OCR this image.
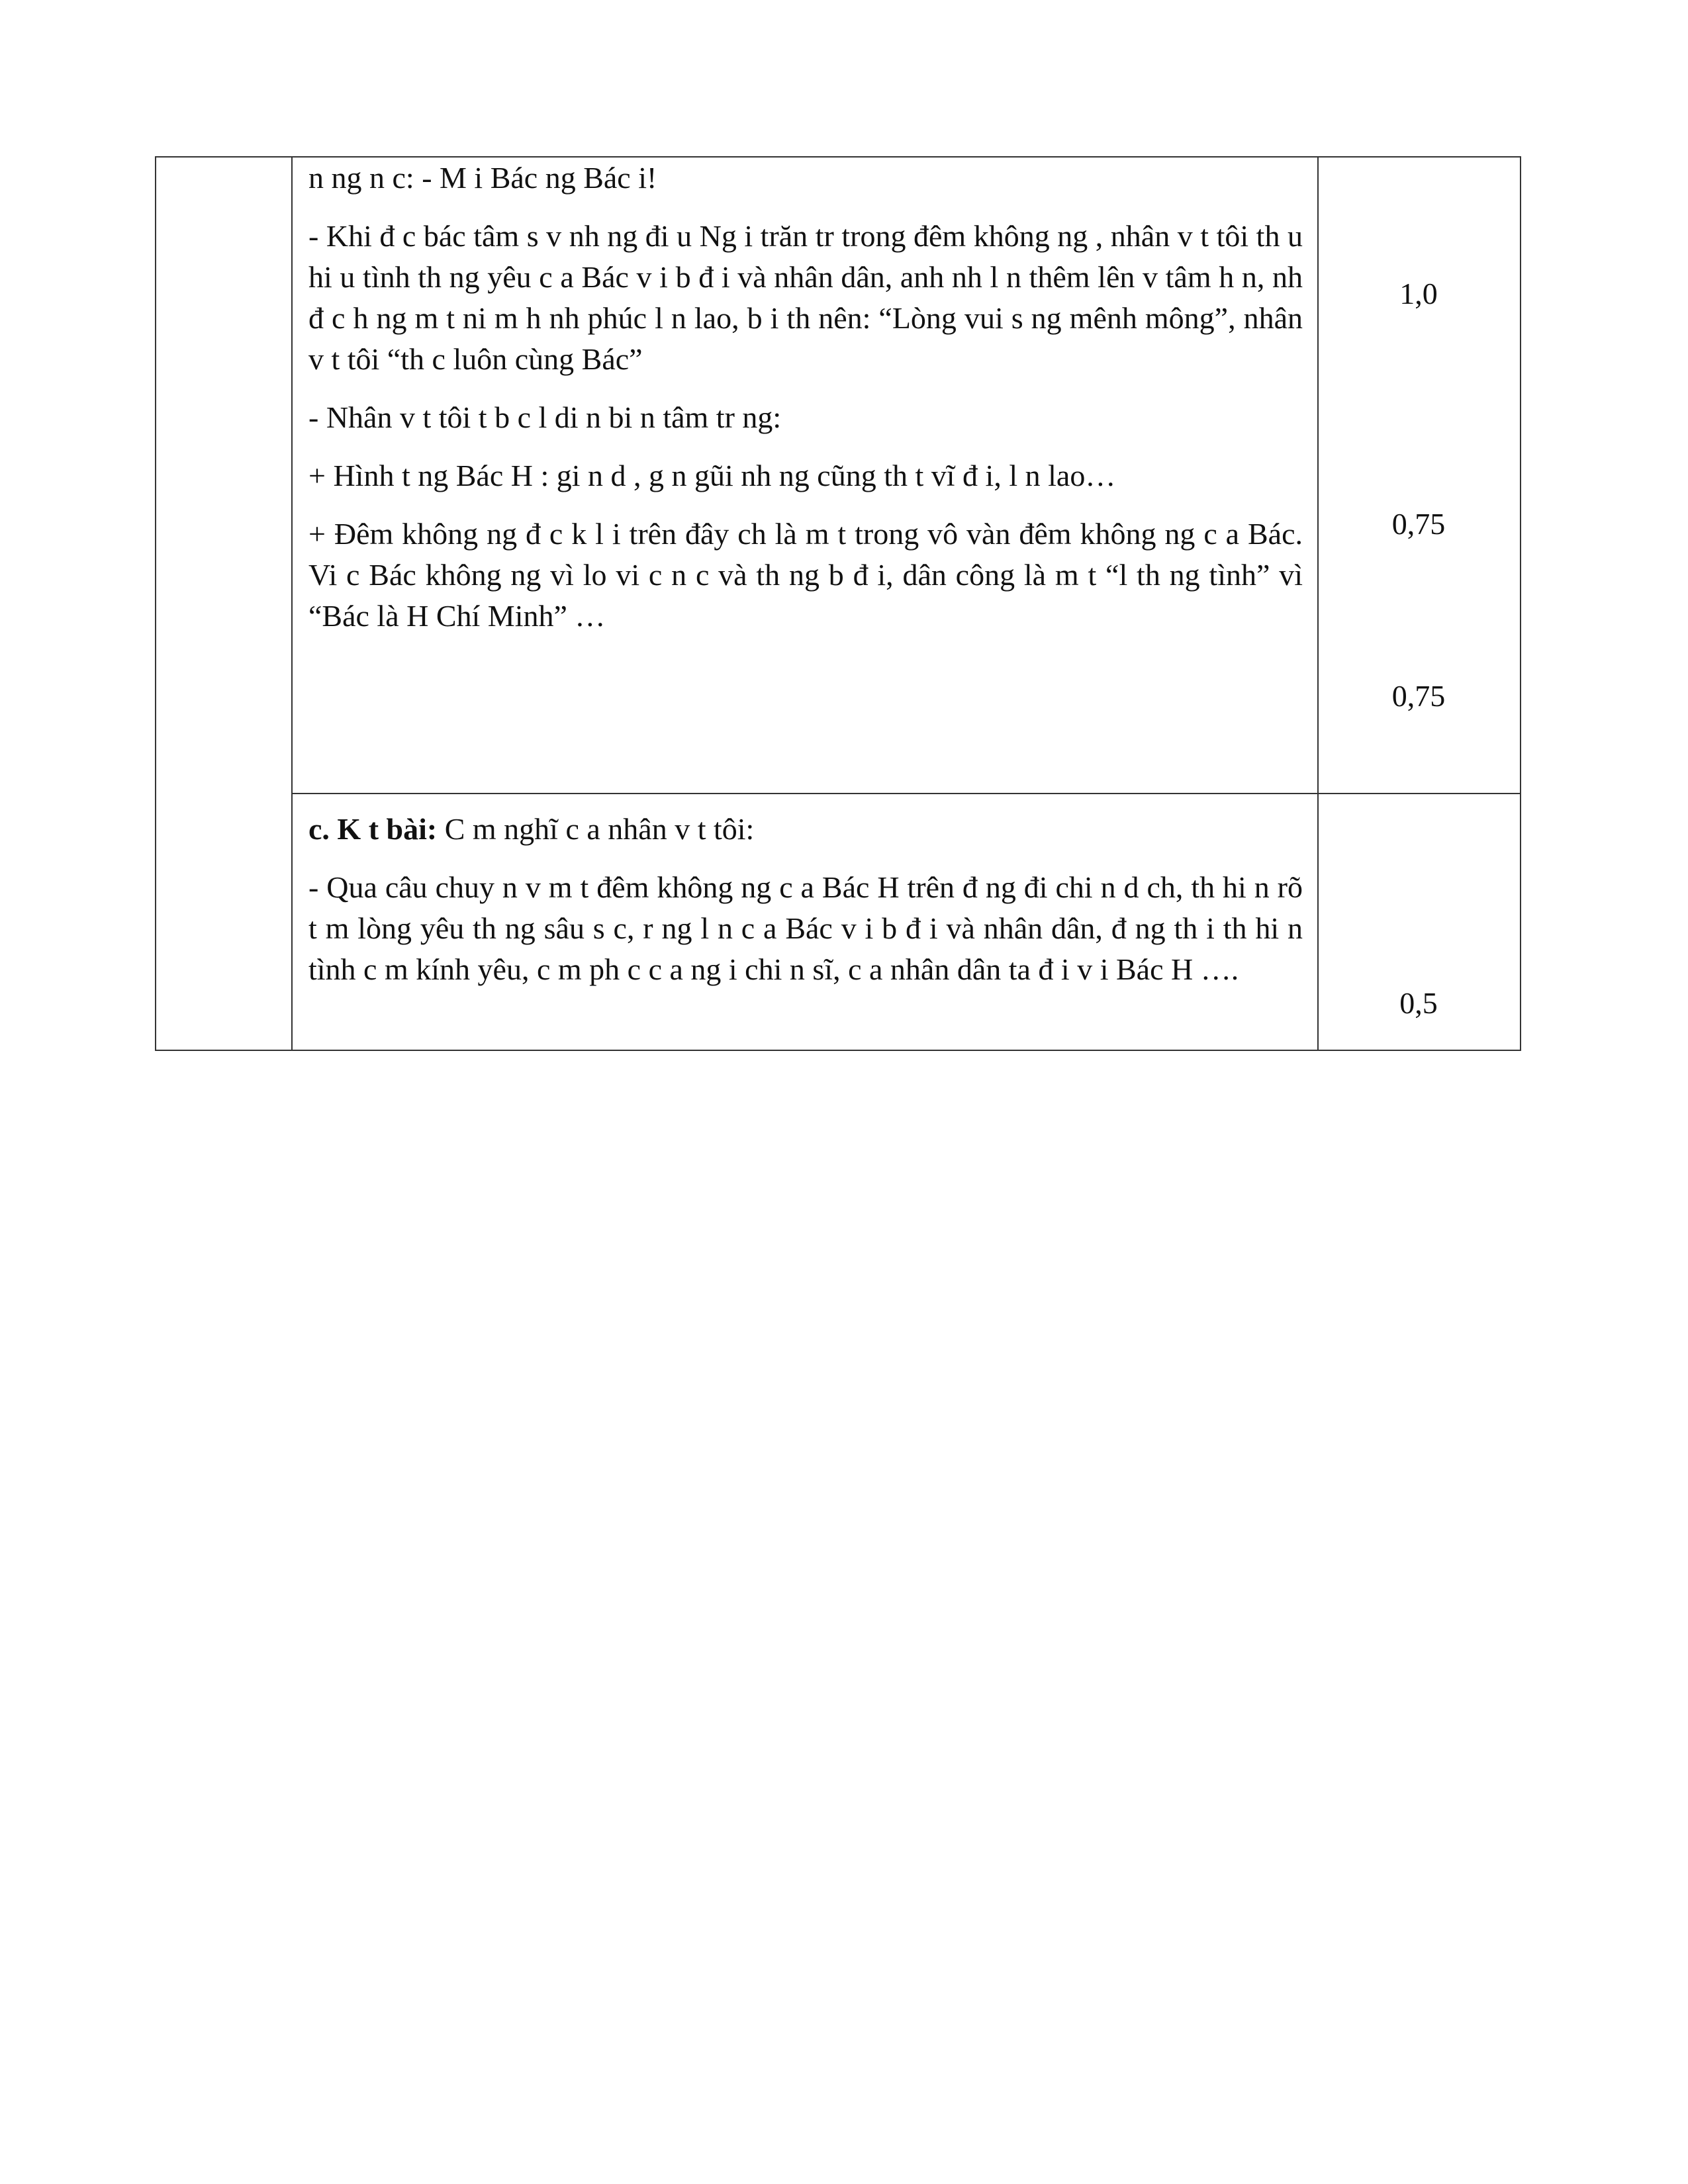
n ng n c: - M i Bác ng Bác i!

- Khi đ c bác tâm s v nh ng đi u Ng i trăn tr trong đêm không ng , nhân v t tôi th u hi u tình th ng yêu c a Bác v i b đ i và nhân dân, anh nh l n thêm lên v tâm h n, nh đ c h ng m t ni m h nh phúc l n lao, b i th nên: “Lòng vui s ng mênh mông”, nhân v t tôi “th c luôn cùng Bác”

- Nhân v t tôi t b c l di n bi n tâm tr ng:

+ Hình t ng Bác H : gi n d , g n gũi nh ng cũng th t vĩ đ i, l n lao…

+ Đêm không ng đ c k l i trên đây ch là m t trong vô vàn đêm không ng c a Bác. Vi c Bác không ng vì lo vi c n c và th ng b đ i, dân công là m t “l th ng tình” vì “Bác là H Chí Minh” …

1,0
0,75
0,75

c. K t bài: C m nghĩ c a nhân v t tôi:

- Qua câu chuy n v m t đêm không ng c a Bác H trên đ ng đi chi n d ch, th hi n rõ t m lòng yêu th ng sâu s c, r ng l n c a Bác v i b đ i và nhân dân, đ ng th i th hi n tình c m kính yêu, c m ph c c a ng i chi n sĩ, c a nhân dân ta đ i v i Bác H ….

0,5
